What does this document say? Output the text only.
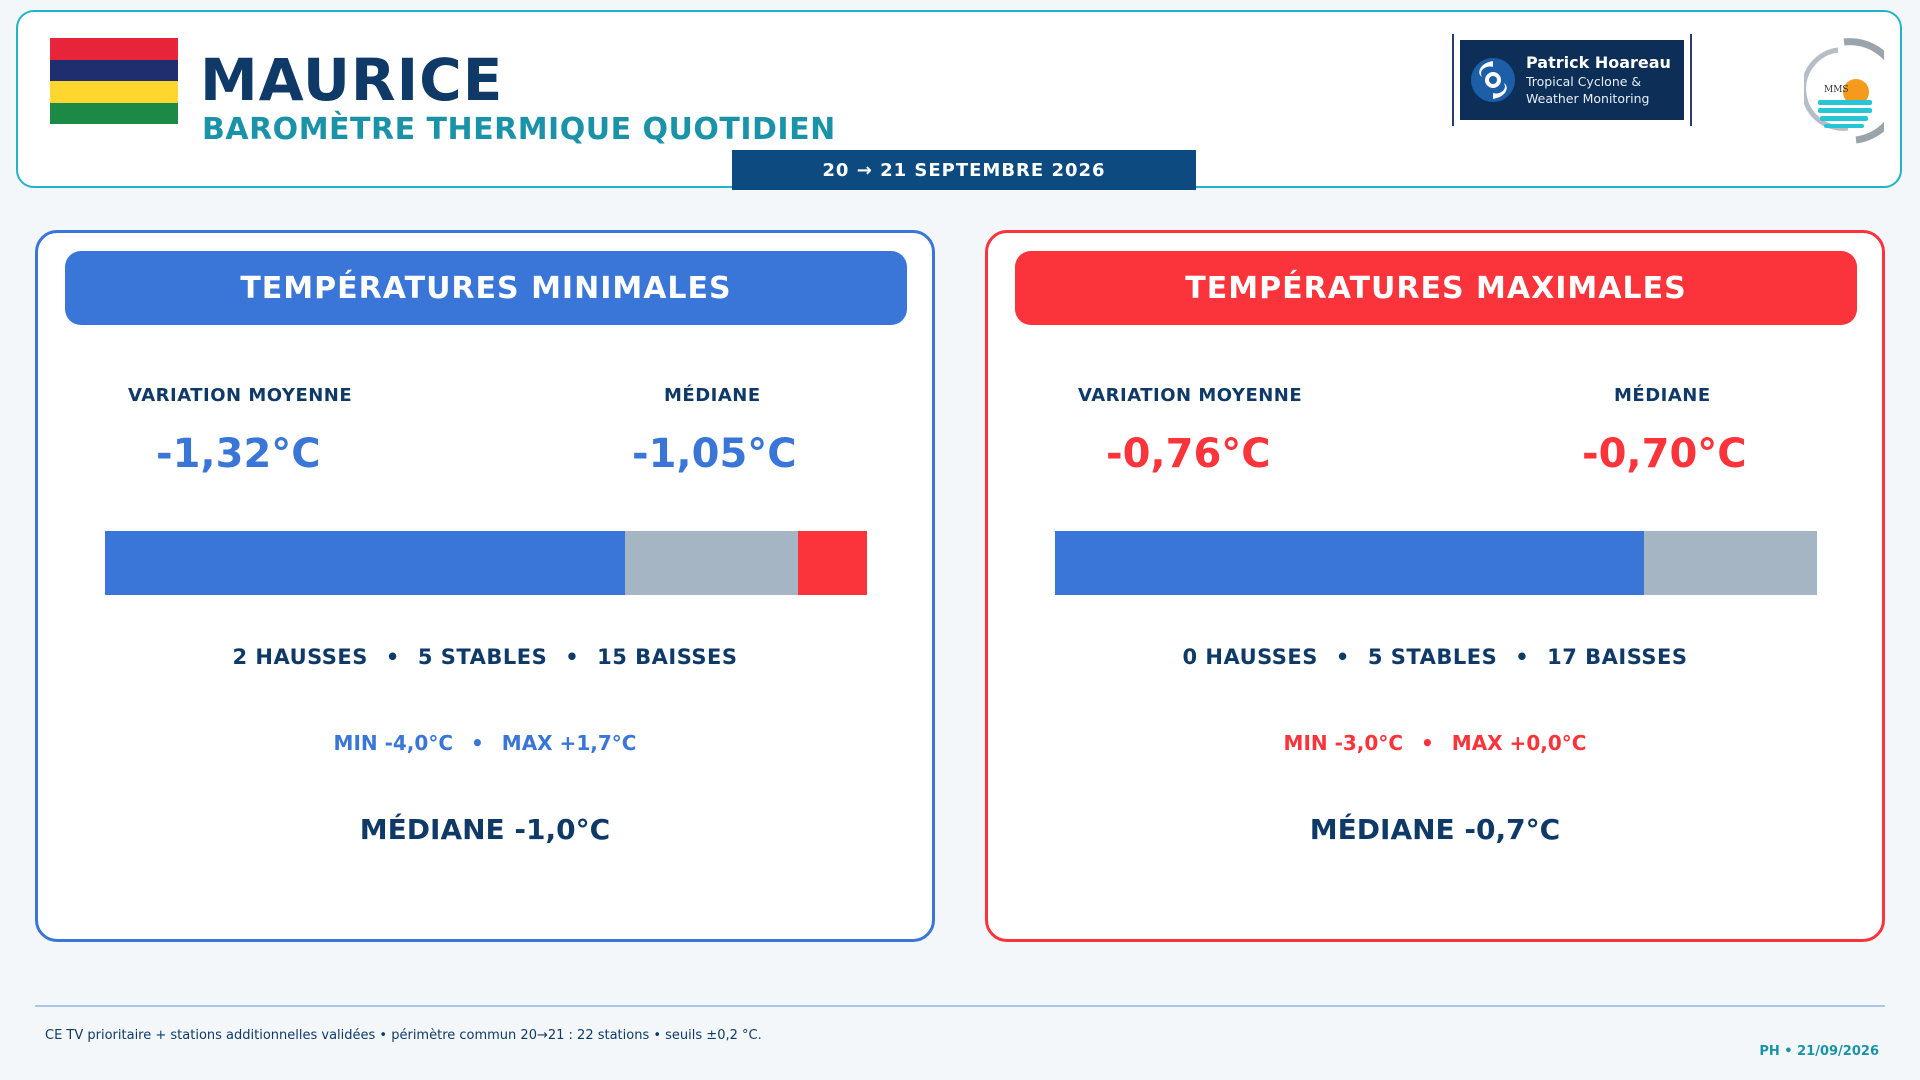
MAURICE
BAROMÈTRE THERMIQUE QUOTIDIEN
Patrick Hoareau
Tropical Cyclone &
Weather Monitoring
MMS
20 → 21 SEPTEMBRE 2026
TEMPÉRATURES MINIMALES
VARIATION MOYENNE
-1,32°C
MÉDIANE
-1,05°C
2 HAUSSES • 5 STABLES • 15 BAISSES
MIN -4,0°C • MAX +1,7°C
MÉDIANE -1,0°C
TEMPÉRATURES MAXIMALES
VARIATION MOYENNE
-0,76°C
MÉDIANE
-0,70°C
0 HAUSSES • 5 STABLES • 17 BAISSES
MIN -3,0°C • MAX +0,0°C
MÉDIANE -0,7°C
CE TV prioritaire + stations additionnelles validées • périmètre commun 20→21 : 22 stations • seuils ±0,2 °C.
PH • 21/09/2026
